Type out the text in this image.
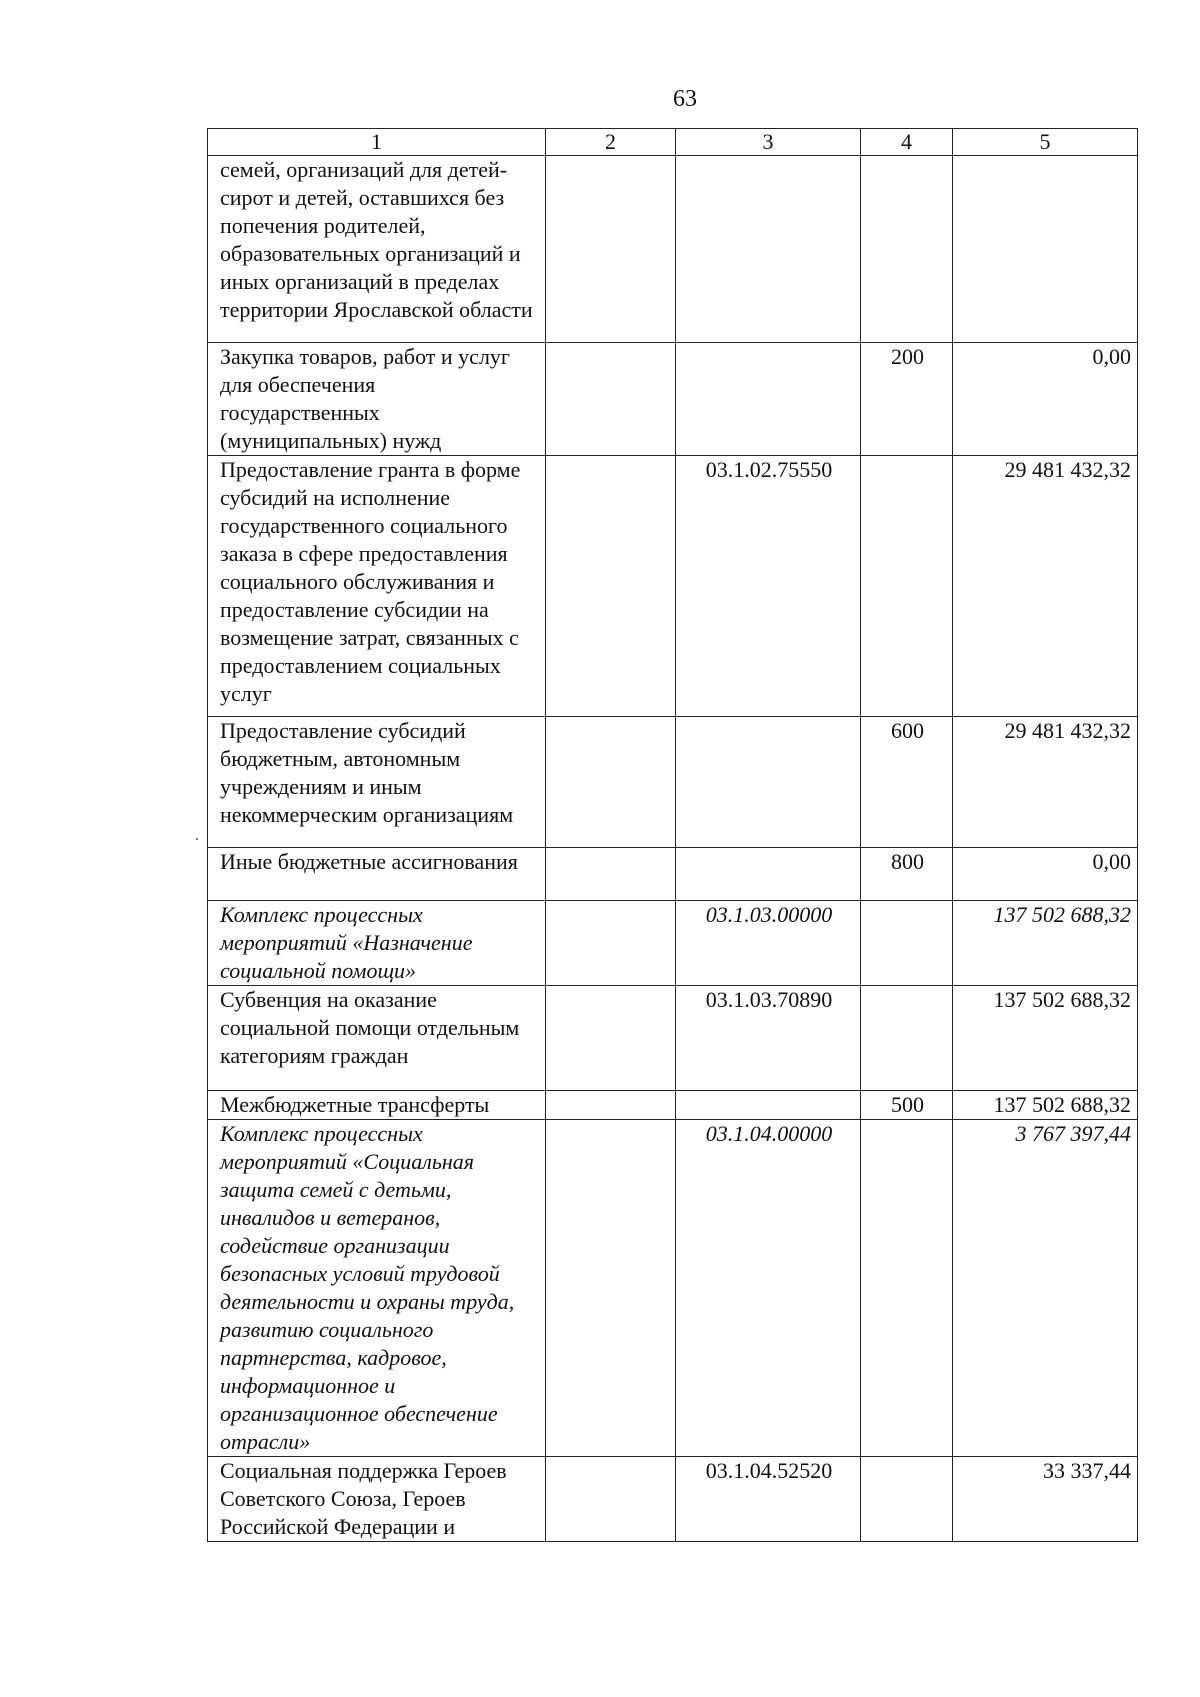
63
1	2	3	4	5
семей, организаций для детей-сирот и детей, оставшихся без попечения родителей, образовательных организаций и иных организаций в пределах территории Ярославской области				
Закупка товаров, работ и услуг для обеспечения государственных (муниципальных) нужд			200	0,00
Предоставление гранта в форме субсидий на исполнение государственного социального заказа в сфере предоставления социального обслуживания и предоставление субсидии на возмещение затрат, связанных с предоставлением социальных услуг		03.1.02.75550		29 481 432,32
Предоставление субсидий бюджетным, автономным учреждениям и иным некоммерческим организациям			600	29 481 432,32
Иные бюджетные ассигнования			800	0,00
Комплекс процессных мероприятий «Назначение социальной помощи»		03.1.03.00000		137 502 688,32
Субвенция на оказание социальной помощи отдельным категориям граждан		03.1.03.70890		137 502 688,32
Межбюджетные трансферты			500	137 502 688,32
Комплекс процессных мероприятий «Социальная защита семей с детьми, инвалидов и ветеранов, содействие организации безопасных условий трудовой деятельности и охраны труда, развитию социального партнерства, кадровое, информационное и организационное обеспечение отрасли»		03.1.04.00000		3 767 397,44
Социальная поддержка Героев Советского Союза, Героев Российской Федерации и		03.1.04.52520		33 337,44
